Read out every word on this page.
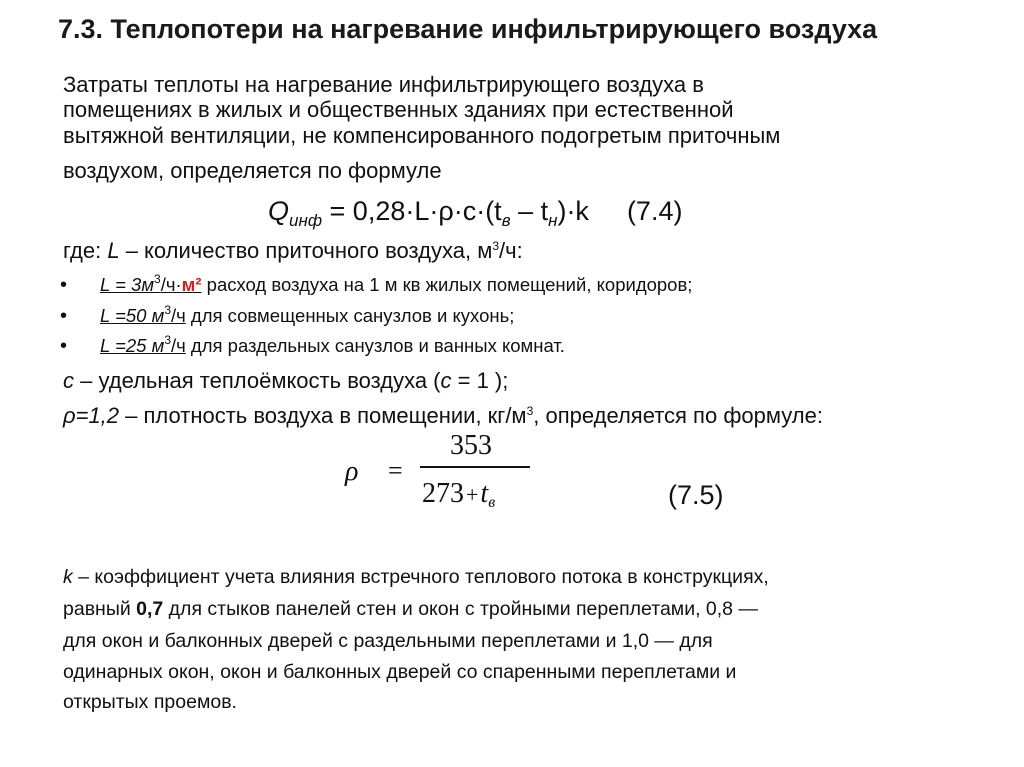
7.3. Теплопотери на нагревание инфильтрирующего воздуха
Затраты теплоты на нагревание инфильтрирующего воздуха в
помещениях в жилых и общественных зданиях при естественной
вытяжной вентиляции, не компенсированного подогретым приточным
воздухом, определяется по формуле
$Q_{инф} = 0,28\cdot L\cdot\rho\cdot c\cdot(t_в - t_н)\cdot k$ (7.4)
где: L – количество приточного воздуха, $м^3/ч$:
• $L = 3м^3/ч\cdot м^2$ расход воздуха на 1 м кв жилых помещений, коридоров;
• L =50 $м^3/ч$ для совмещенных санузлов и кухонь;
• L =25 $м^3/ч$ для раздельных санузлов и ванных комнат.
с – удельная теплоёмкость воздуха (с = 1 );
ρ=1,2 – плотность воздуха в помещении, $кг/м^3$, определяется по формуле:
ρ =
353
$273+t_в$	(7.5)
k – коэффициент учета влияния встречного теплового потока в конструкциях,
равный 0,7 для стыков панелей стен и окон с тройными переплетами, 0,8 —
для окон и балконных дверей с раздельными переплетами и 1,0 — для
одинарных окон, окон и балконных дверей со спаренными переплетами и
открытых проемов.
